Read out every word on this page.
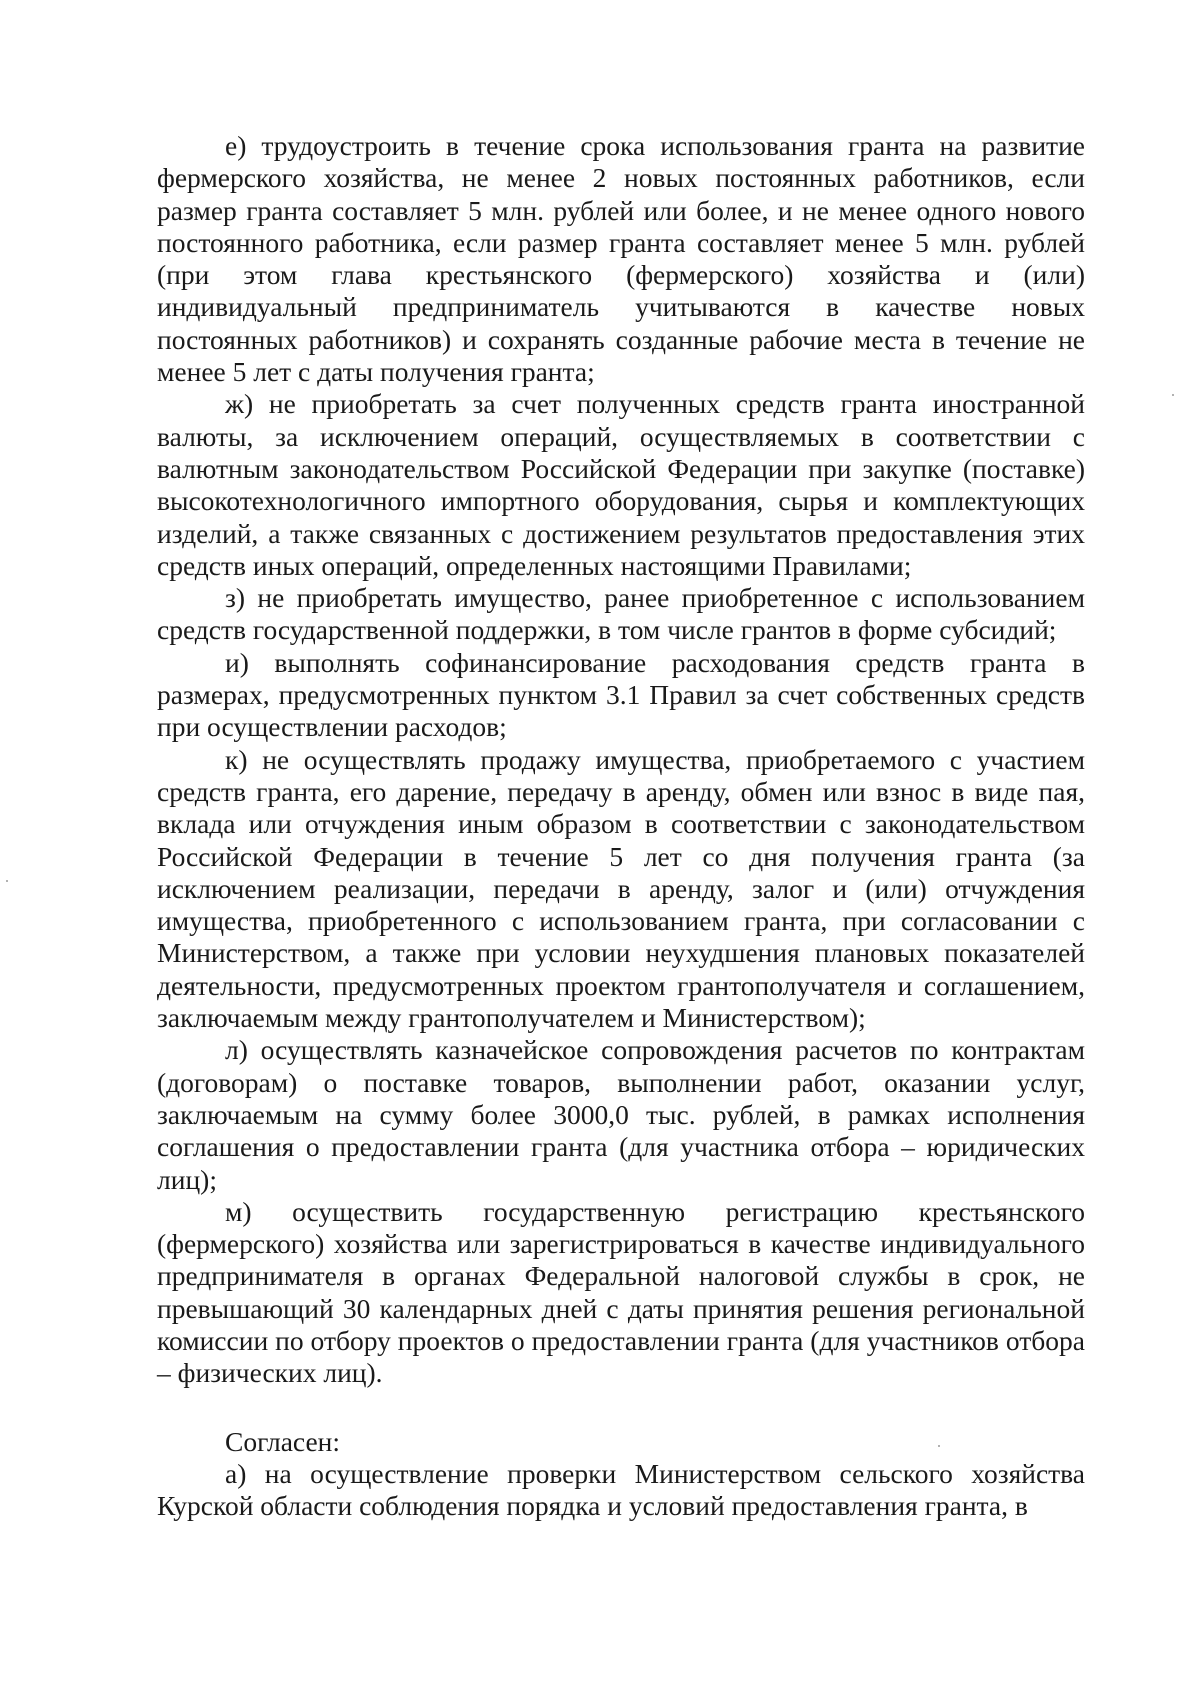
е) трудоустроить в течение срока использования гранта на развитие фермерского хозяйства, не менее 2 новых постоянных работников, если размер гранта составляет 5 млн. рублей или более, и не менее одного нового постоянного работника, если размер гранта составляет менее 5 млн. рублей (при этом глава крестьянского (фермерского) хозяйства и (или) индивидуальный предприниматель учитываются в качестве новых постоянных работников) и сохранять созданные рабочие места в течение не менее 5 лет с даты получения гранта;

ж) не приобретать за счет полученных средств гранта иностранной валюты, за исключением операций, осуществляемых в соответствии с валютным законодательством Российской Федерации при закупке (поставке) высокотехнологичного импортного оборудования, сырья и комплектующих изделий, а также связанных с достижением результатов предоставления этих средств иных операций, определенных настоящими Правилами;

з) не приобретать имущество, ранее приобретенное с использованием средств государственной поддержки, в том числе грантов в форме субсидий;

и) выполнять софинансирование расходования средств гранта в размерах, предусмотренных пунктом 3.1 Правил за счет собственных средств при осуществлении расходов;

к) не осуществлять продажу имущества, приобретаемого с участием средств гранта, его дарение, передачу в аренду, обмен или взнос в виде пая, вклада или отчуждения иным образом в соответствии с законодательством Российской Федерации в течение 5 лет со дня получения гранта (за исключением реализации, передачи в аренду, залог и (или) отчуждения имущества, приобретенного с использованием гранта, при согласовании с Министерством, а также при условии неухудшения плановых показателей деятельности, предусмотренных проектом грантополучателя и соглашением, заключаемым между грантополучателем и Министерством);

л) осуществлять казначейское сопровождения расчетов по контрактам (договорам) о поставке товаров, выполнении работ, оказании услуг, заключаемым на сумму более 3000,0 тыс. рублей, в рамках исполнения соглашения о предоставлении гранта (для участника отбора – юридических лиц);

м) осуществить государственную регистрацию крестьянского (фермерского) хозяйства или зарегистрироваться в качестве индивидуального предпринимателя в органах Федеральной налоговой службы в срок, не превышающий 30 календарных дней с даты принятия решения региональной комиссии по отбору проектов о предоставлении гранта (для участников отбора – физических лиц).

Согласен:

а) на осуществление проверки Министерством сельского хозяйства Курской области соблюдения порядка и условий предоставления гранта, в
